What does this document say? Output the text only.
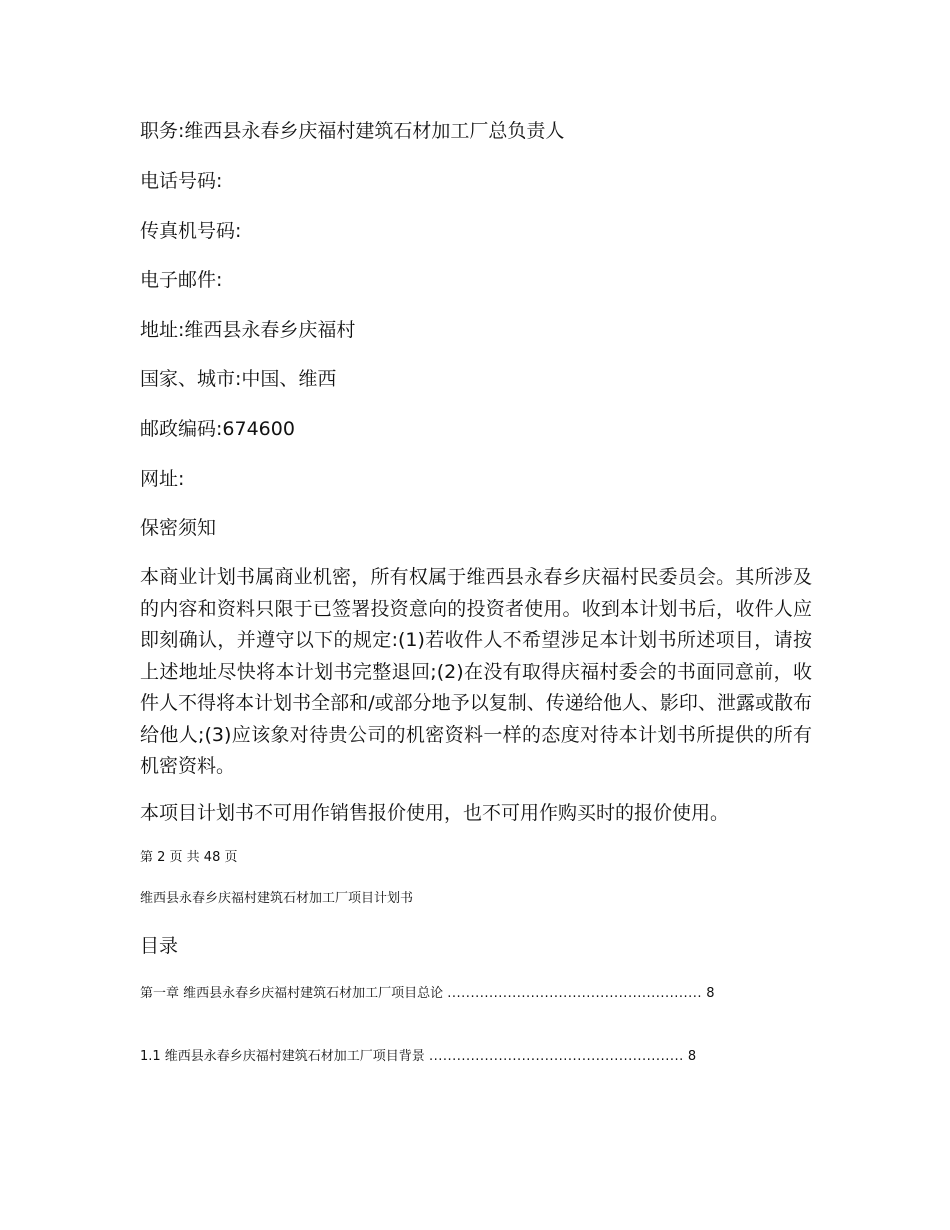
职务:维西县永春乡庆福村建筑石材加工厂总负责人
电话号码:
传真机号码:
电子邮件:
地址:维西县永春乡庆福村
国家、城市:中国、维西
邮政编码:674600
网址:
保密须知
本商业计划书属商业机密，所有权属于维西县永春乡庆福村民委员会。其所涉及的内容和资料只限于已签署投资意向的投资者使用。收到本计划书后，收件人应即刻确认，并遵守以下的规定:(1)若收件人不希望涉足本计划书所述项目，请按上述地址尽快将本计划书完整退回;(2)在没有取得庆福村委会的书面同意前，收件人不得将本计划书全部和/或部分地予以复制、传递给他人、影印、泄露或散布给他人;(3)应该象对待贵公司的机密资料一样的态度对待本计划书所提供的所有机密资料。
本项目计划书不可用作销售报价使用，也不可用作购买时的报价使用。
第 2 页 共 48 页
维西县永春乡庆福村建筑石材加工厂项目计划书
目录
第一章 维西县永春乡庆福村建筑石材加工厂项目总论 ....................................................... 8
1.1 维西县永春乡庆福村建筑石材加工厂项目背景 ....................................................... 8
